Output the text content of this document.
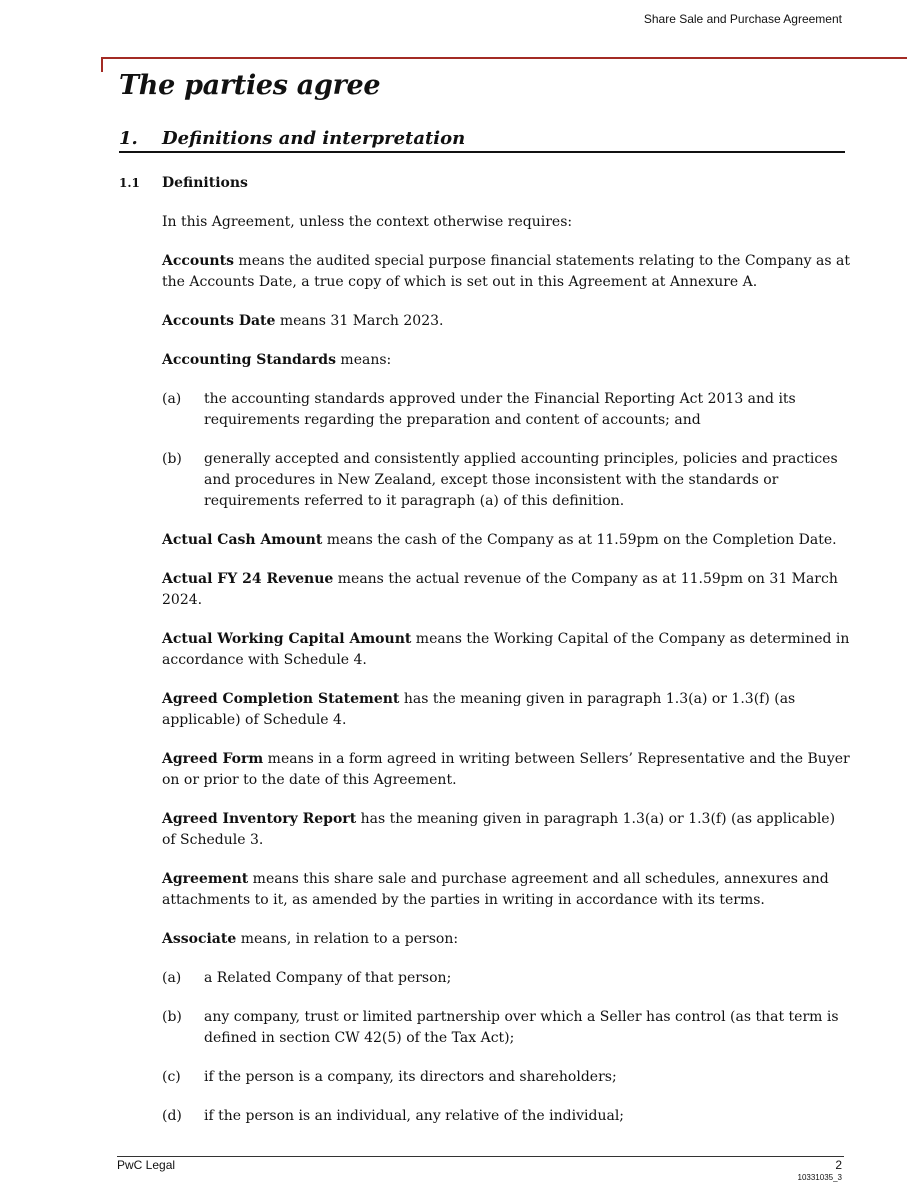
Share Sale and Purchase Agreement
The parties agree
1. Definitions and interpretation
1.1 Definitions

In this Agreement, unless the context otherwise requires:

Accounts means the audited special purpose financial statements relating to the Company as at the Accounts Date, a true copy of which is set out in this Agreement at Annexure A.

Accounts Date means 31 March 2023.

Accounting Standards means:

(a) the accounting standards approved under the Financial Reporting Act 2013 and its requirements regarding the preparation and content of accounts; and
(b) generally accepted and consistently applied accounting principles, policies and practices and procedures in New Zealand, except those inconsistent with the standards or requirements referred to it paragraph (a) of this definition.

Actual Cash Amount means the cash of the Company as at 11.59pm on the Completion Date.

Actual FY 24 Revenue means the actual revenue of the Company as at 11.59pm on 31 March 2024.

Actual Working Capital Amount means the Working Capital of the Company as determined in accordance with Schedule 4.

Agreed Completion Statement has the meaning given in paragraph 1.3(a) or 1.3(f) (as applicable) of Schedule 4.

Agreed Form means in a form agreed in writing between Sellers’ Representative and the Buyer on or prior to the date of this Agreement.

Agreed Inventory Report has the meaning given in paragraph 1.3(a) or 1.3(f) (as applicable) of Schedule 3.

Agreement means this share sale and purchase agreement and all schedules, annexures and attachments to it, as amended by the parties in writing in accordance with its terms.

Associate means, in relation to a person:

(a) a Related Company of that person;
(b) any company, trust or limited partnership over which a Seller has control (as that term is defined in section CW 42(5) of the Tax Act);
(c) if the person is a company, its directors and shareholders;
(d) if the person is an individual, any relative of the individual;
PwC Legal	2
10331035_3
